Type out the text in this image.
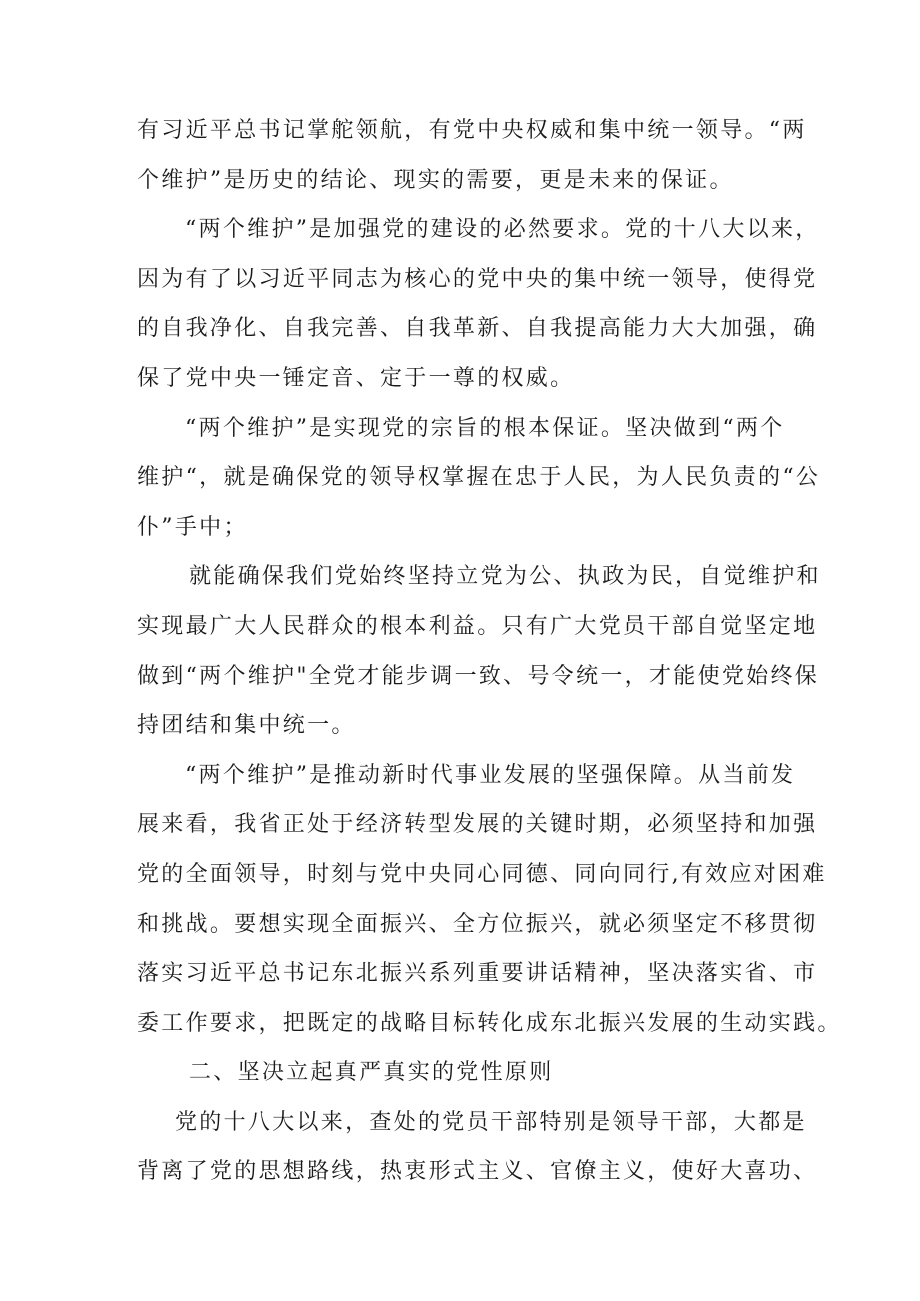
有习近平总书记掌舵领航，有党中央权威和集中统一领导。“两
个维护”是历史的结论、现实的需要，更是未来的保证。
“两个维护”是加强党的建设的必然要求。党的十八大以来，
因为有了以习近平同志为核心的党中央的集中统一领导，使得党
的自我净化、自我完善、自我革新、自我提高能力大大加强，确
保了党中央一锤定音、定于一尊的权威。
“两个维护”是实现党的宗旨的根本保证。坚决做到“两个
维护“，就是确保党的领导权掌握在忠于人民，为人民负责的“公
仆”手中；
就能确保我们党始终坚持立党为公、执政为民，自觉维护和
实现最广大人民群众的根本利益。只有广大党员干部自觉坚定地
做到“两个维护"全党才能步调一致、号令统一，才能使党始终保
持团结和集中统一。
“两个维护”是推动新时代事业发展的坚强保障。从当前发
展来看，我省正处于经济转型发展的关键时期，必须坚持和加强
党的全面领导，时刻与党中央同心同德、同向同行,有效应对困难
和挑战。要想实现全面振兴、全方位振兴，就必须坚定不移贯彻
落实习近平总书记东北振兴系列重要讲话精神，坚决落实省、市
委工作要求，把既定的战略目标转化成东北振兴发展的生动实践。
二、坚决立起真严真实的党性原则
党的十八大以来，查处的党员干部特别是领导干部，大都是
背离了党的思想路线，热衷形式主义、官僚主义，使好大喜功、
